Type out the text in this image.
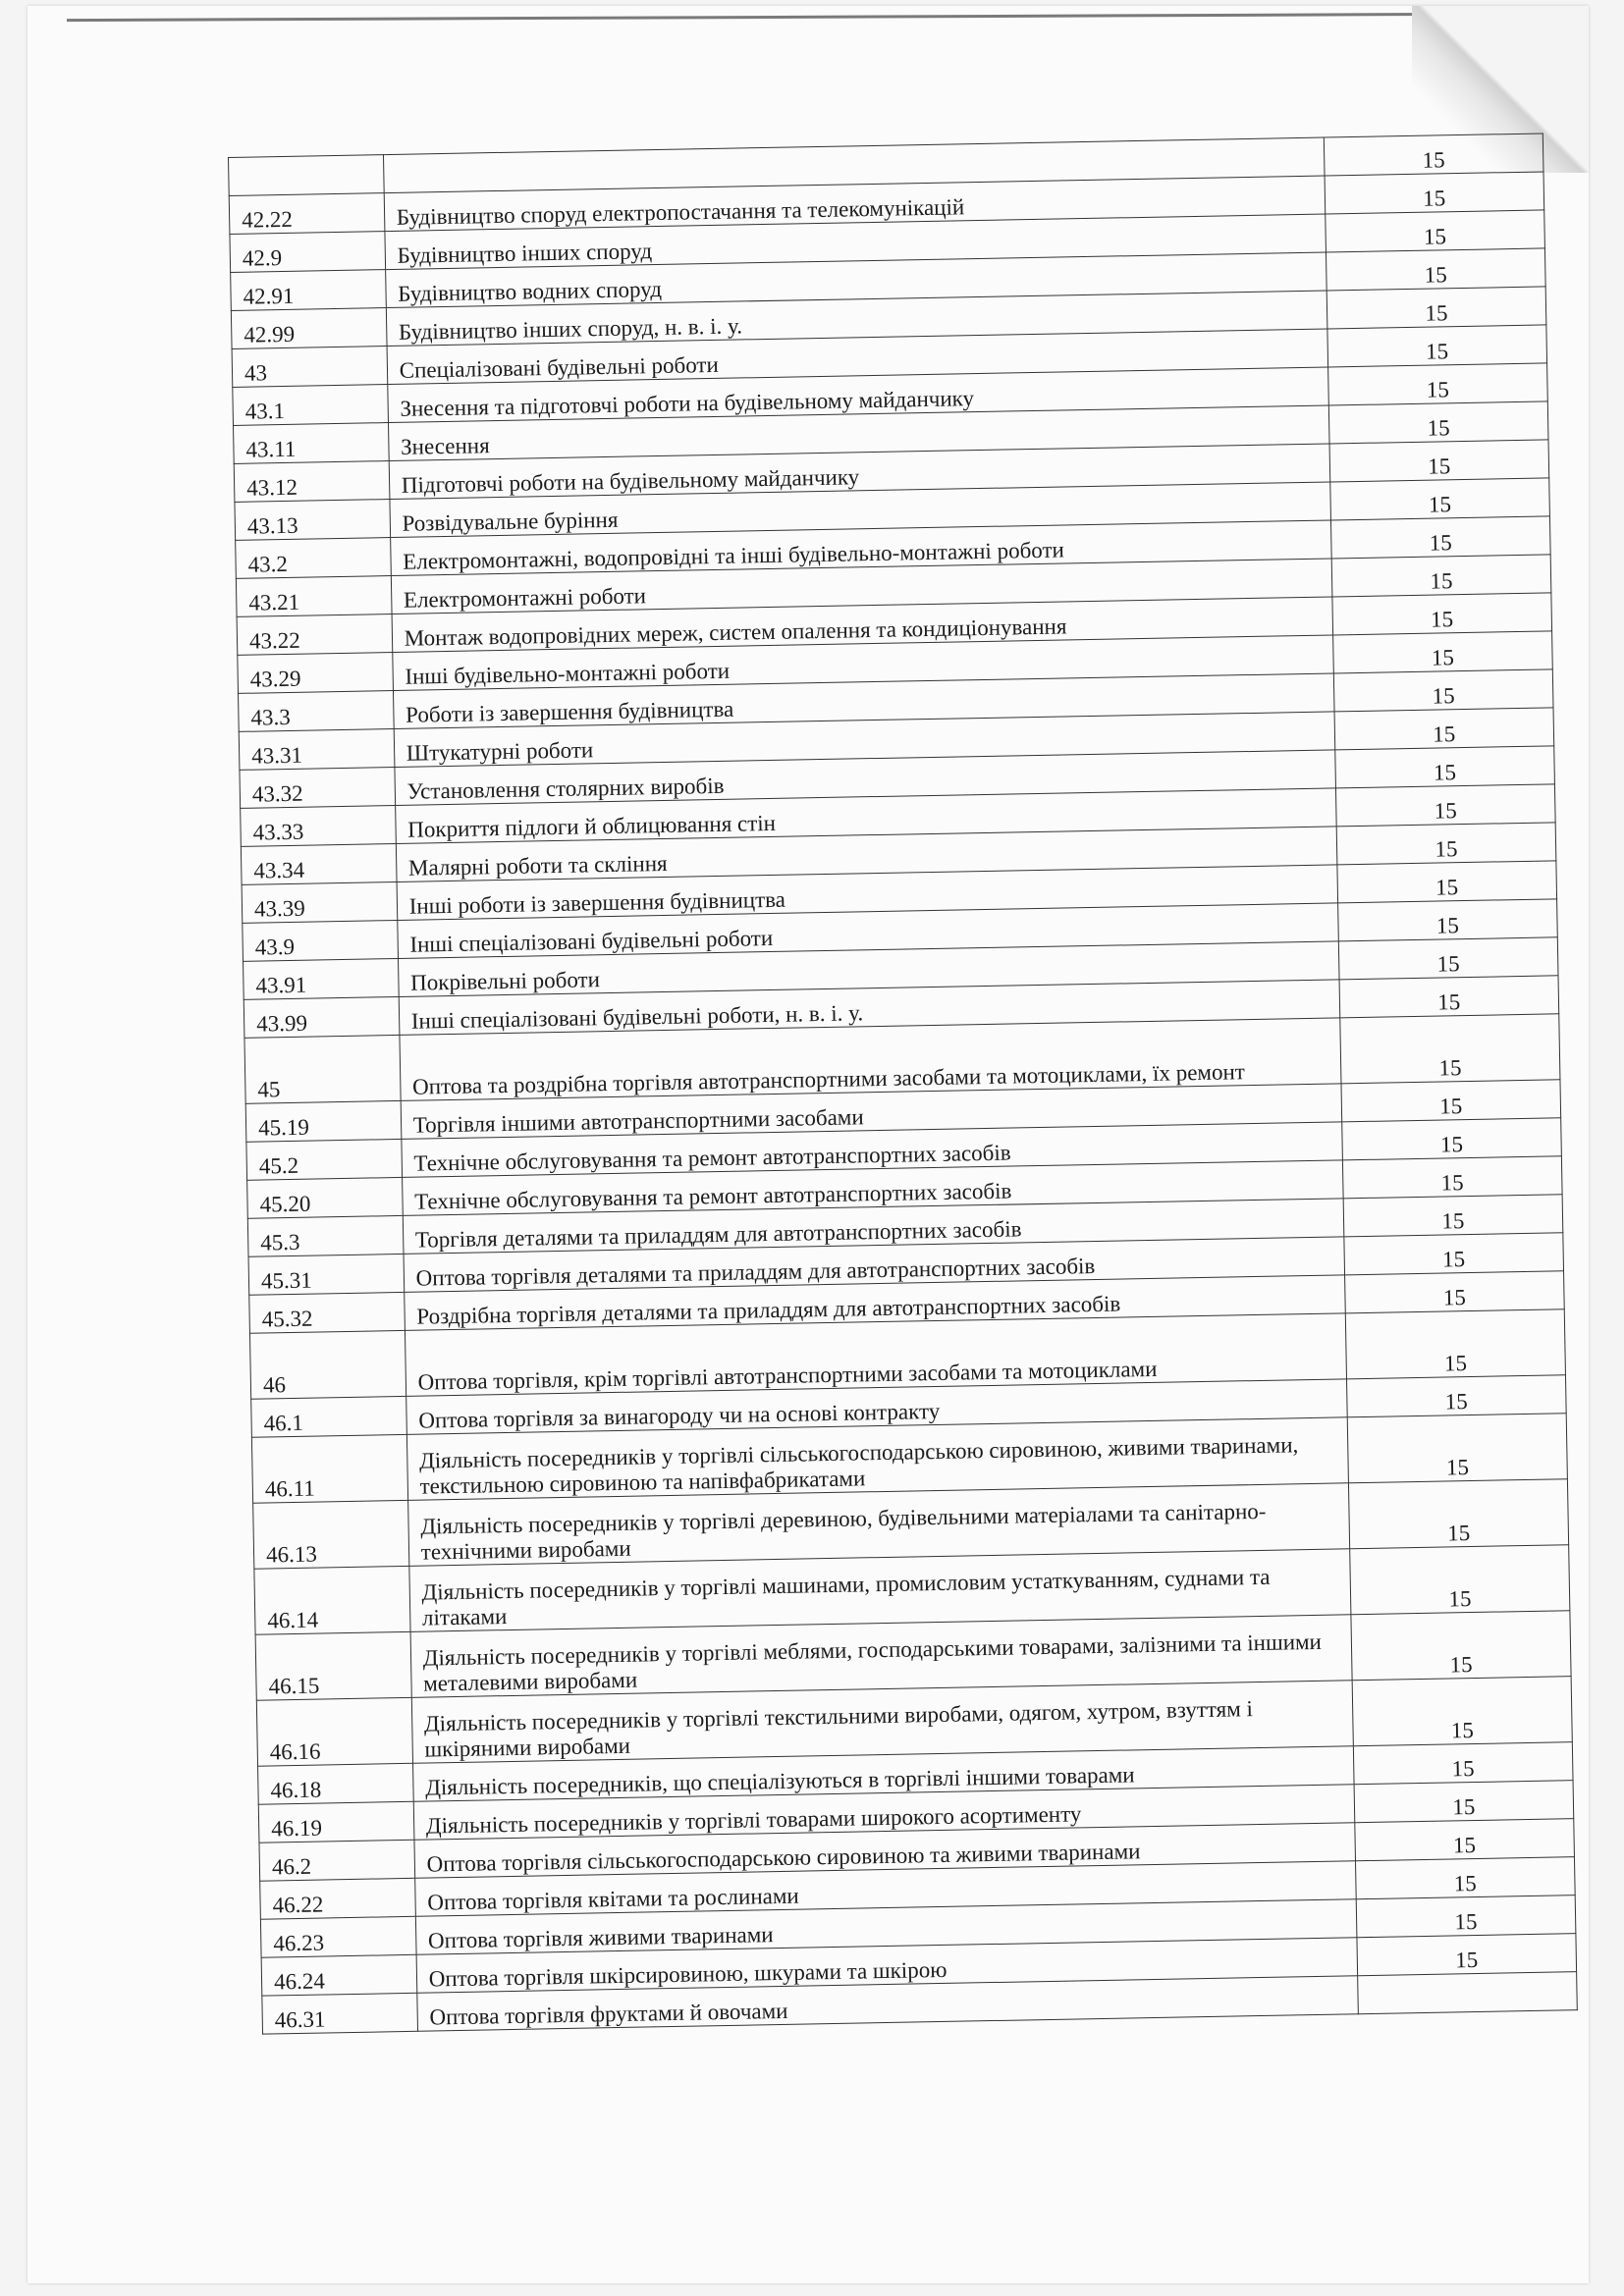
		15
42.22	Будівництво споруд електропостачання та телекомунікацій	15
42.9	Будівництво інших споруд	15
42.91	Будівництво водних споруд	15
42.99	Будівництво інших споруд, н. в. і. у.	15
43	Спеціалізовані будівельні роботи	15
43.1	Знесення та підготовчі роботи на будівельному майданчику	15
43.11	Знесення	15
43.12	Підготовчі роботи на будівельному майданчику	15
43.13	Розвідувальне буріння	15
43.2	Електромонтажні, водопровідні та інші будівельно-монтажні роботи	15
43.21	Електромонтажні роботи	15
43.22	Монтаж водопровідних мереж, систем опалення та кондиціонування	15
43.29	Інші будівельно-монтажні роботи	15
43.3	Роботи із завершення будівництва	15
43.31	Штукатурні роботи	15
43.32	Установлення столярних виробів	15
43.33	Покриття підлоги й облицювання стін	15
43.34	Малярні роботи та скління	15
43.39	Інші роботи із завершення будівництва	15
43.9	Інші спеціалізовані будівельні роботи	15
43.91	Покрівельні роботи	15
43.99	Інші спеціалізовані будівельні роботи, н. в. і. у.	15
45	Оптова та роздрібна торгівля автотранспортними засобами та мотоциклами, їх ремонт	15
45.19	Торгівля іншими автотранспортними засобами	15
45.2	Технічне обслуговування та ремонт автотранспортних засобів	15
45.20	Технічне обслуговування та ремонт автотранспортних засобів	15
45.3	Торгівля деталями та приладдям для автотранспортних засобів	15
45.31	Оптова торгівля деталями та приладдям для автотранспортних засобів	15
45.32	Роздрібна торгівля деталями та приладдям для автотранспортних засобів	15
46	Оптова торгівля, крім торгівлі автотранспортними засобами та мотоциклами	15
46.1	Оптова торгівля за винагороду чи на основі контракту	15
46.11	Діяльність посередників у торгівлі сільськогосподарською сировиною, живими тваринами, текстильною сировиною та напівфабрикатами	15
46.13	Діяльність посередників у торгівлі деревиною, будівельними матеріалами та санітарно-технічними виробами	15
46.14	Діяльність посередників у торгівлі машинами, промисловим устаткуванням, суднами та літаками	15
46.15	Діяльність посередників у торгівлі меблями, господарськими товарами, залізними та іншими металевими виробами	15
46.16	Діяльність посередників у торгівлі текстильними виробами, одягом, хутром, взуттям і шкіряними виробами	15
46.18	Діяльність посередників, що спеціалізуються в торгівлі іншими товарами	15
46.19	Діяльність посередників у торгівлі товарами широкого асортименту	15
46.2	Оптова торгівля сільськогосподарською сировиною та живими тваринами	15
46.22	Оптова торгівля квітами та рослинами	15
46.23	Оптова торгівля живими тваринами	15
46.24	Оптова торгівля шкірсировиною, шкурами та шкірою	15
46.31	Оптова торгівля фруктами й овочами	
